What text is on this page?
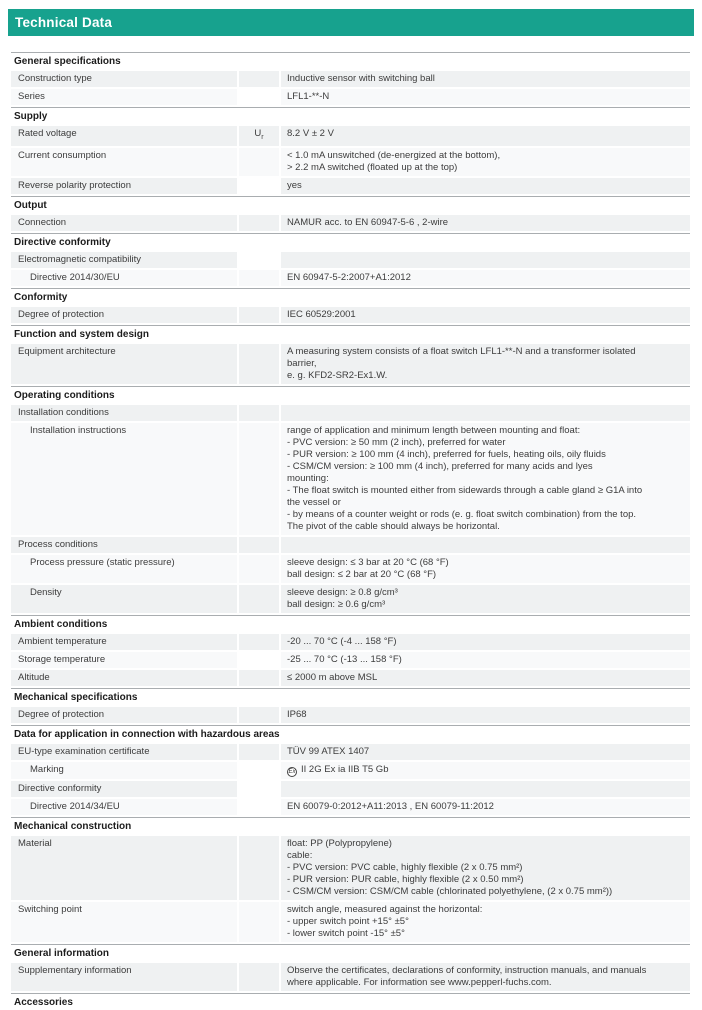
Technical Data
General specifications
Construction type	Inductive sensor with switching ball
Series	LFL1-**-N
Supply
Rated voltage	$U_r$	8.2 V ± 2 V
Current consumption	< 1.0 mA unswitched (de-energized at the bottom),
> 2.2 mA switched (floated up at the top)
Reverse polarity protection	yes
Output
Connection	NAMUR acc. to EN 60947-5-6 , 2-wire
Directive conformity
Electromagnetic compatibility
Directive 2014/30/EU	EN 60947-5-2:2007+A1:2012
Conformity
Degree of protection	IEC 60529:2001
Function and system design
Equipment architecture	A measuring system consists of a float switch LFL1-**-N and a transformer isolated
barrier,
e. g. KFD2-SR2-Ex1.W.
Operating conditions
Installation conditions
Installation instructions	range of application and minimum length between mounting and float:
- PVC version: ≥ 50 mm (2 inch), preferred for water
- PUR version: ≥ 100 mm (4 inch), preferred for fuels, heating oils, oily fluids
- CSM/CM version: ≥ 100 mm (4 inch), preferred for many acids and lyes
mounting:
- The float switch is mounted either from sidewards through a cable gland ≥ G1A into
the vessel or
- by means of a counter weight or rods (e. g. float switch combination) from the top.
The pivot of the cable should always be horizontal.
Process conditions
Process pressure (static pressure)	sleeve design: ≤ 3 bar at 20 °C (68 °F)
ball design: ≤ 2 bar at 20 °C (68 °F)
Density	sleeve design: ≥ 0.8 g/cm³
ball design: ≥ 0.6 g/cm³
Ambient conditions
Ambient temperature	-20 ... 70 °C (-4 ... 158 °F)
Storage temperature	-25 ... 70 °C (-13 ... 158 °F)
Altitude	≤ 2000 m above MSL
Mechanical specifications
Degree of protection	IP68
Data for application in connection with hazardous areas
EU-type examination certificate	TÜV 99 ATEX 1407
Marking	Ex II 2G Ex ia IIB T5 Gb
Directive conformity
Directive 2014/34/EU	EN 60079-0:2012+A11:2013 , EN 60079-11:2012
Mechanical construction
Material	float: PP (Polypropylene)
cable:
- PVC version: PVC cable, highly flexible (2 x 0.75 mm²)
- PUR version: PUR cable, highly flexible (2 x 0.50 mm²)
- CSM/CM version: CSM/CM cable (chlorinated polyethylene, (2 x 0.75 mm²))
Switching point	switch angle, measured against the horizontal:
- upper switch point +15° ±5°
- lower switch point -15° ±5°
General information
Supplementary information	Observe the certificates, declarations of conformity, instruction manuals, and manuals
where applicable. For information see www.pepperl-fuchs.com.
Accessories
